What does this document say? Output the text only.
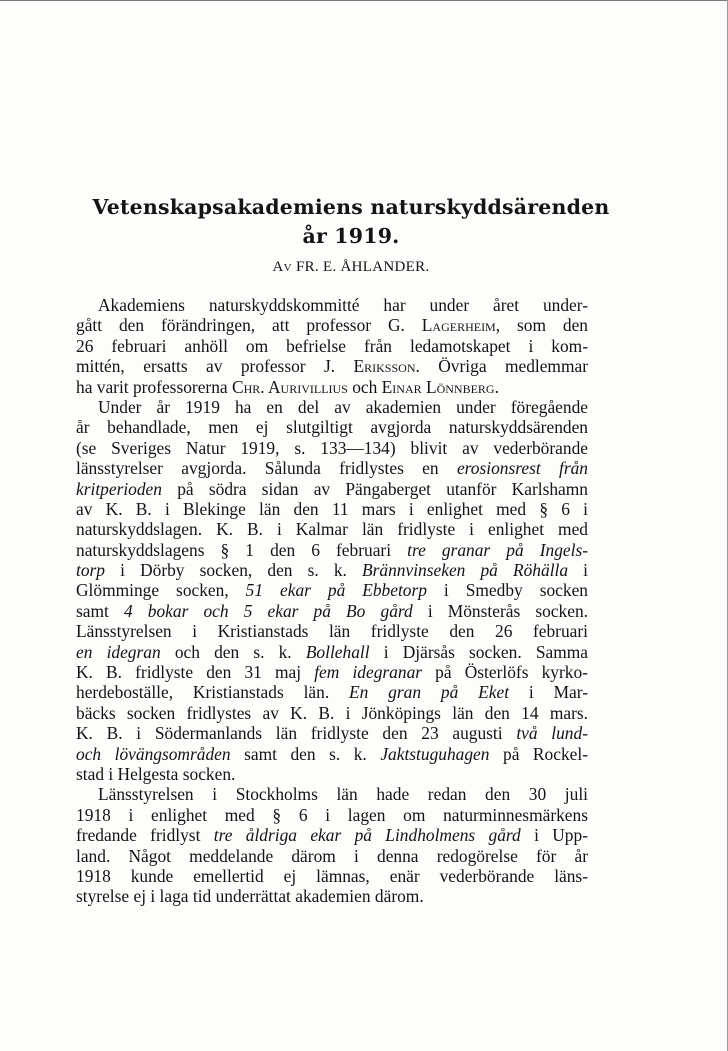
Vetenskapsakademiens naturskyddsärenden
år 1919.
Av FR. E. ÅHLANDER.
Akademiens naturskyddskommitté har under året under-
gått den förändringen, att professor G. Lagerheim, som den
26 februari anhöll om befrielse från ledamotskapet i kom-
mittén, ersatts av professor J. Eriksson. Övriga medlemmar
ha varit professorerna Chr. Aurivillius och Einar Lönnberg.
Under år 1919 ha en del av akademien under föregående
år behandlade, men ej slutgiltigt avgjorda naturskyddsärenden
(se Sveriges Natur 1919, s. 133—134) blivit av vederbörande
länsstyrelser avgjorda. Sålunda fridlystes en erosionsrest från
kritperioden på södra sidan av Pängaberget utanför Karlshamn
av K. B. i Blekinge län den 11 mars i enlighet med § 6 i
naturskyddslagen. K. B. i Kalmar län fridlyste i enlighet med
naturskyddslagens § 1 den 6 februari tre granar på Ingels-
torp i Dörby socken, den s. k. Brännvinseken på Röhälla i
Glömminge socken, 51 ekar på Ebbetorp i Smedby socken
samt 4 bokar och 5 ekar på Bo gård i Mönsterås socken.
Länsstyrelsen i Kristianstads län fridlyste den 26 februari
en idegran och den s. k. Bollehall i Djärsås socken. Samma
K. B. fridlyste den 31 maj fem idegranar på Österlöfs kyrko-
herdeboställe, Kristianstads län. En gran på Eket i Mar-
bäcks socken fridlystes av K. B. i Jönköpings län den 14 mars.
K. B. i Södermanlands län fridlyste den 23 augusti två lund-
och lövängsområden samt den s. k. Jaktstuguhagen på Rockel-
stad i Helgesta socken.
Länsstyrelsen i Stockholms län hade redan den 30 juli
1918 i enlighet med § 6 i lagen om naturminnesmärkens
fredande fridlyst tre åldriga ekar på Lindholmens gård i Upp-
land. Något meddelande därom i denna redogörelse för år
1918 kunde emellertid ej lämnas, enär vederbörande läns-
styrelse ej i laga tid underrättat akademien därom.
